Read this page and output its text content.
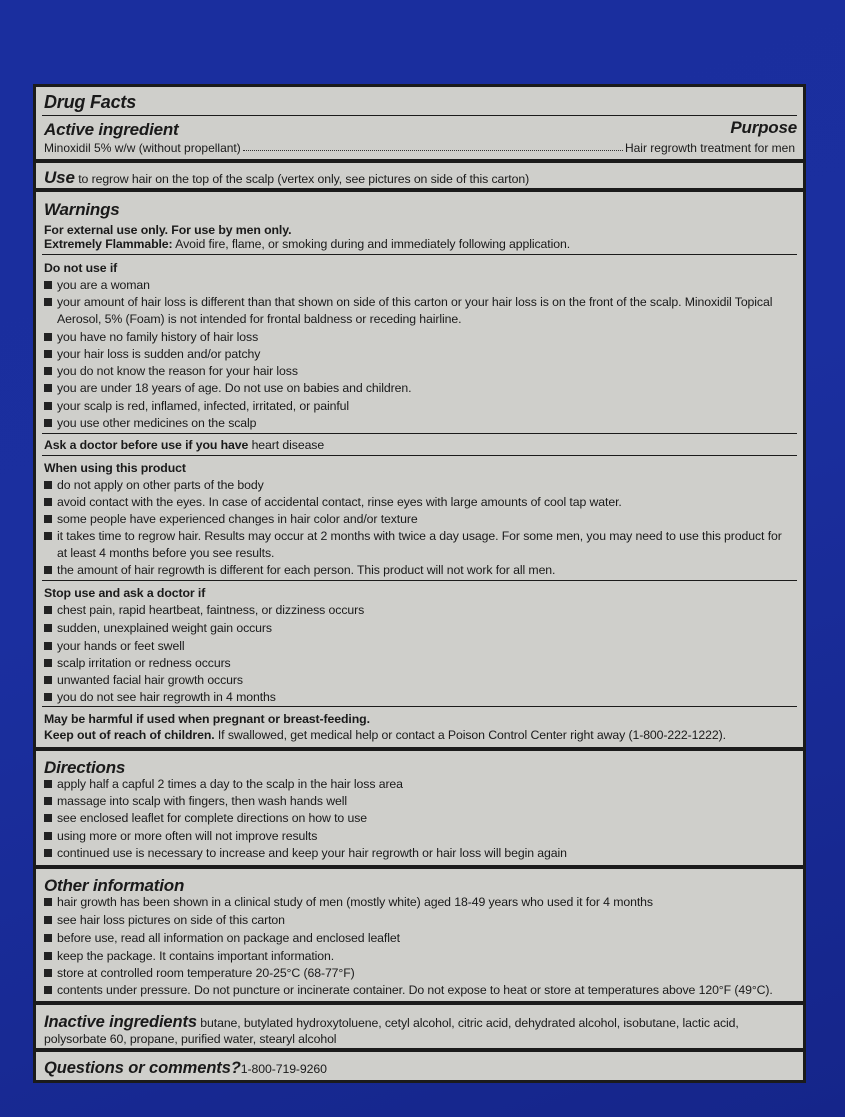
Drug Facts
Active ingredient	Purpose
Minoxidil 5% w/w (without propellant)	Hair regrowth treatment for men
Use to regrow hair on the top of the scalp (vertex only, see pictures on side of this carton)
Warnings
For external use only. For use by men only.
Extremely Flammable: Avoid fire, flame, or smoking during and immediately following application.
Do not use if
you are a woman
your amount of hair loss is different than that shown on side of this carton or your hair loss is on the front of the scalp. Minoxidil Topical
Aerosol, 5% (Foam) is not intended for frontal baldness or receding hairline.
you have no family history of hair loss
your hair loss is sudden and/or patchy
you do not know the reason for your hair loss
you are under 18 years of age. Do not use on babies and children.
your scalp is red, inflamed, infected, irritated, or painful
you use other medicines on the scalp
Ask a doctor before use if you have heart disease
When using this product
do not apply on other parts of the body
avoid contact with the eyes. In case of accidental contact, rinse eyes with large amounts of cool tap water.
some people have experienced changes in hair color and/or texture
it takes time to regrow hair. Results may occur at 2 months with twice a day usage. For some men, you may need to use this product for
at least 4 months before you see results.
the amount of hair regrowth is different for each person. This product will not work for all men.
Stop use and ask a doctor if
chest pain, rapid heartbeat, faintness, or dizziness occurs
sudden, unexplained weight gain occurs
your hands or feet swell
scalp irritation or redness occurs
unwanted facial hair growth occurs
you do not see hair regrowth in 4 months
May be harmful if used when pregnant or breast-feeding.
Keep out of reach of children. If swallowed, get medical help or contact a Poison Control Center right away (1-800-222-1222).
Directions
apply half a capful 2 times a day to the scalp in the hair loss area
massage into scalp with fingers, then wash hands well
see enclosed leaflet for complete directions on how to use
using more or more often will not improve results
continued use is necessary to increase and keep your hair regrowth or hair loss will begin again
Other information
hair growth has been shown in a clinical study of men (mostly white) aged 18-49 years who used it for 4 months
see hair loss pictures on side of this carton
before use, read all information on package and enclosed leaflet
keep the package. It contains important information.
store at controlled room temperature 20-25°C (68-77°F)
contents under pressure. Do not puncture or incinerate container. Do not expose to heat or store at temperatures above 120°F (49°C).
Inactive ingredients butane, butylated hydroxytoluene, cetyl alcohol, citric acid, dehydrated alcohol, isobutane, lactic acid,
polysorbate 60, propane, purified water, stearyl alcohol
Questions or comments?1-800-719-9260
